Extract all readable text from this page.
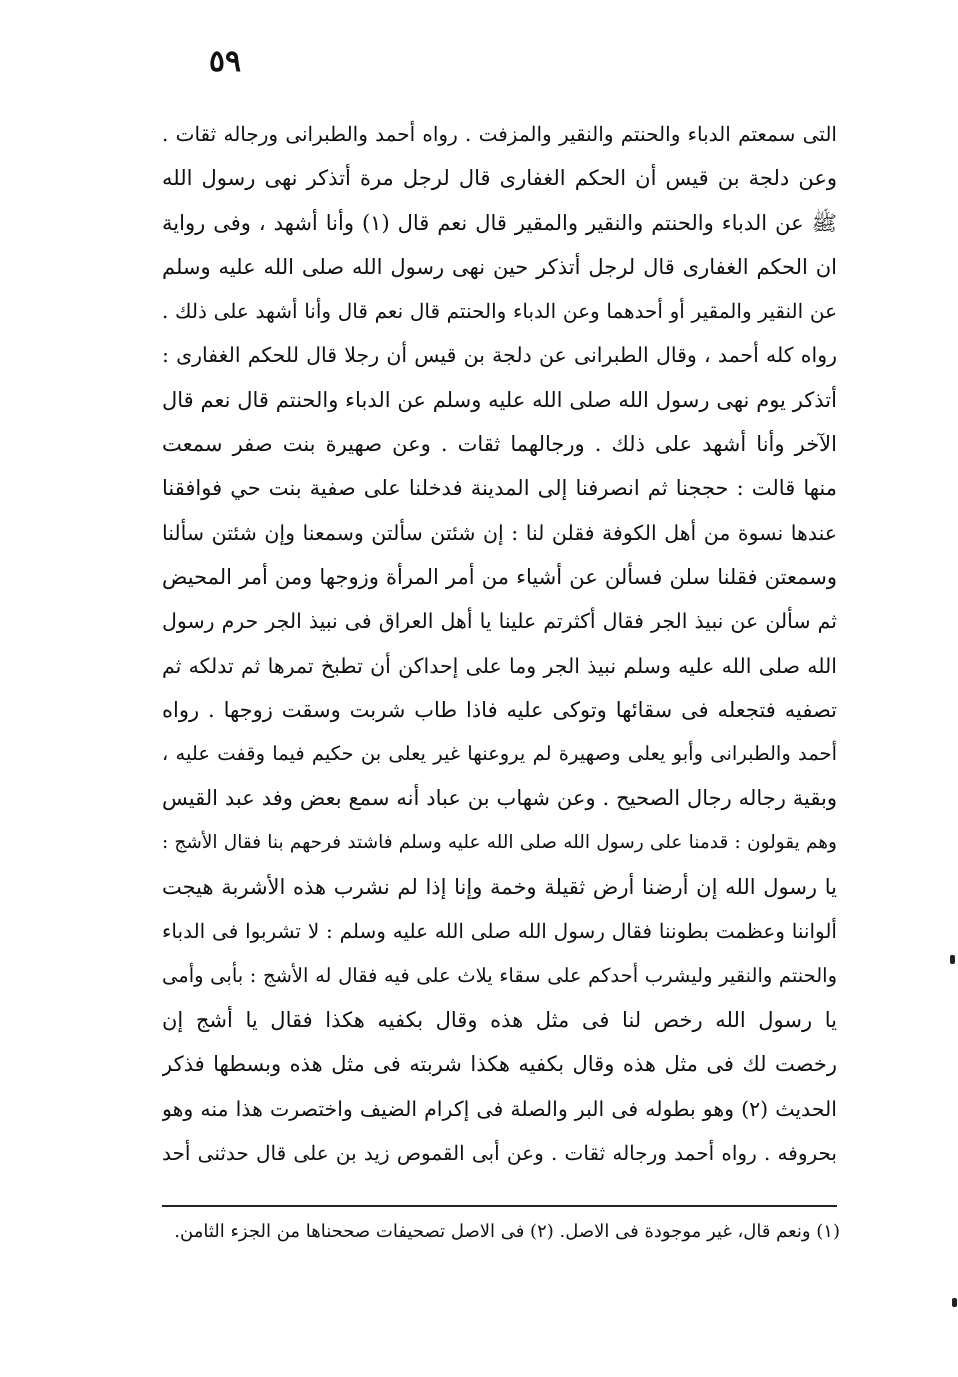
٥٩
التى سمعتم الدباء والحنتم والنقير والمزفت . رواه أحمد والطبرانى ورجاله ثقات .
وعن دلجة بن قيس أن الحكم الغفارى قال لرجل مرة أتذكر نهى رسول الله
ﷺ عن الدباء والحنتم والنقير والمقير قال نعم قال (١) وأنا أشهد ، وفى رواية
ان الحكم الغفارى قال لرجل أتذكر حين نهى رسول الله صلى الله عليه وسلم
عن النقير والمقير أو أحدهما وعن الدباء والحنتم قال نعم قال وأنا أشهد على ذلك .
رواه كله أحمد ، وقال الطبرانى عن دلجة بن قيس أن رجلا قال للحكم الغفارى :
أتذكر يوم نهى رسول الله صلى الله عليه وسلم عن الدباء والحنتم قال نعم قال
الآخر وأنا أشهد على ذلك . ورجالهما ثقات . وعن صهيرة بنت صفر سمعت
منها قالت : حججنا ثم انصرفنا إلى المدينة فدخلنا على صفية بنت حي فوافقنا
عندها نسوة من أهل الكوفة فقلن لنا : إن شئتن سألتن وسمعنا وإن شئتن سألنا
وسمعتن فقلنا سلن فسألن عن أشياء من أمر المرأة وزوجها ومن أمر المحيض
ثم سألن عن نبيذ الجر فقال أكثرتم علينا يا أهل العراق فى نبيذ الجر حرم رسول
الله صلى الله عليه وسلم نبيذ الجر وما على إحداكن أن تطبخ تمرها ثم تدلكه ثم
تصفيه فتجعله فى سقائها وتوكى عليه فاذا طاب شربت وسقت زوجها . رواه
أحمد والطبرانى وأبو يعلى وصهيرة لم يروعنها غير يعلى بن حكيم فيما وقفت عليه ،
وبقية رجاله رجال الصحيح . وعن شهاب بن عباد أنه سمع بعض وفد عبد القيس
وهم يقولون : قدمنا على رسول الله صلى الله عليه وسلم فاشتد فرحهم بنا فقال الأشج :
يا رسول الله إن أرضنا أرض ثقيلة وخمة وإنا إذا لم نشرب هذه الأشربة هيجت
ألواننا وعظمت بطوننا فقال رسول الله صلى الله عليه وسلم : لا تشربوا فى الدباء
والحنتم والنقير وليشرب أحدكم على سقاء يلاث على فيه فقال له الأشج : بأبى وأمى
يا رسول الله رخص لنا فى مثل هذه وقال بكفيه هكذا فقال يا أشج إن
رخصت لك فى مثل هذه وقال بكفيه هكذا شربته فى مثل هذه وبسطها فذكر
الحديث (٢) وهو بطوله فى البر والصلة فى إكرام الضيف واختصرت هذا منه وهو
بحروفه . رواه أحمد ورجاله ثقات . وعن أبى القموص زيد بن على قال حدثنى أحد
(١) ونعم قال، غير موجودة فى الاصل. (٢) فى الاصل تصحيفات صححناها من الجزء الثامن.
